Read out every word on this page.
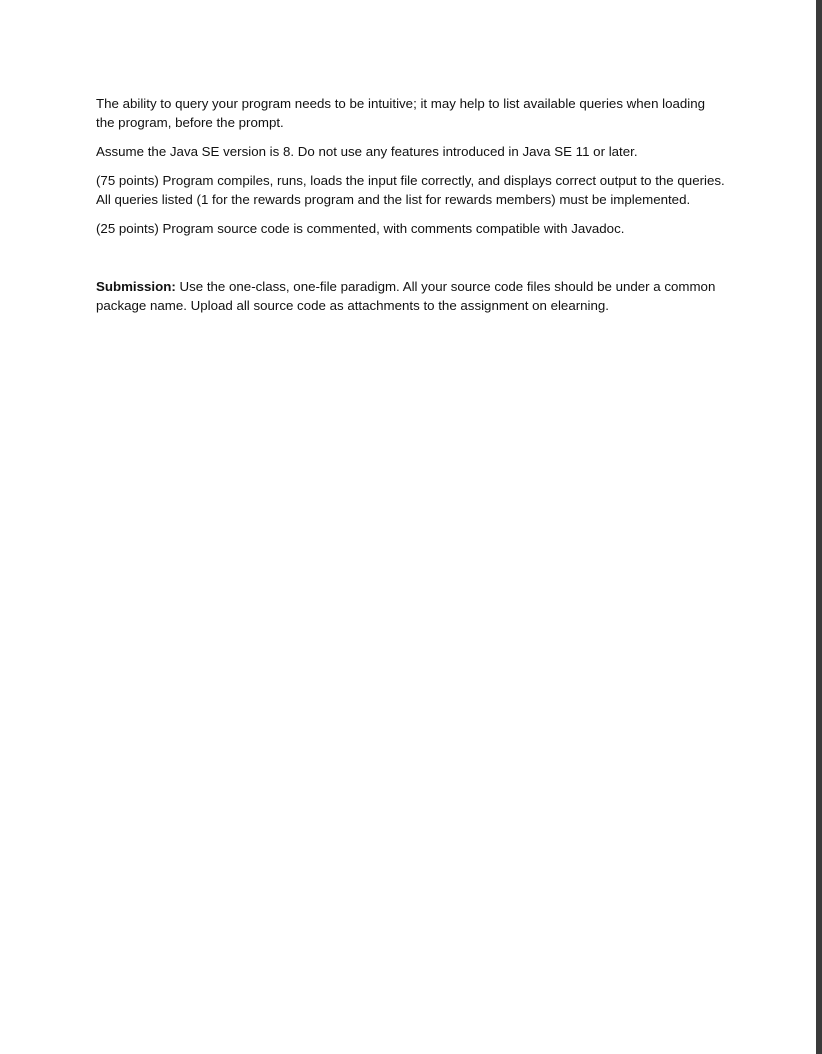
The ability to query your program needs to be intuitive; it may help to list available queries when loading the program, before the prompt.

Assume the Java SE version is 8. Do not use any features introduced in Java SE 11 or later.

(75 points) Program compiles, runs, loads the input file correctly, and displays correct output to the queries. All queries listed (1 for the rewards program and the list for rewards members) must be implemented.

(25 points) Program source code is commented, with comments compatible with Javadoc.

Submission: Use the one-class, one-file paradigm. All your source code files should be under a common package name. Upload all source code as attachments to the assignment on elearning.
